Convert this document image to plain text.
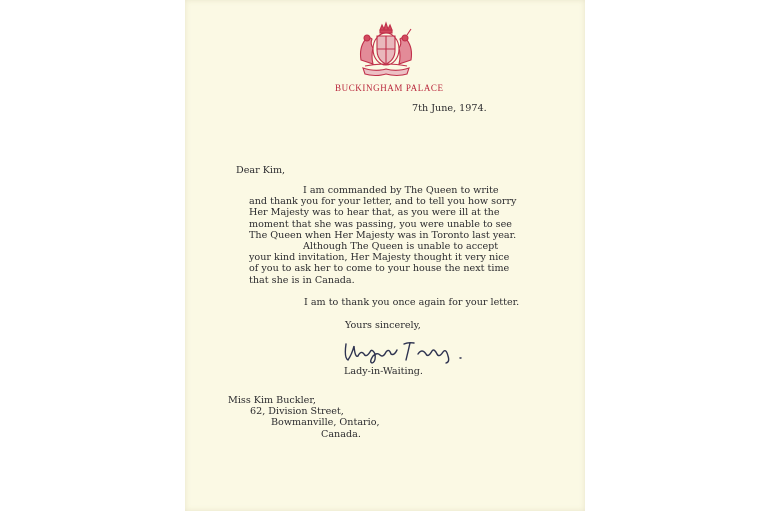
BUCKINGHAM PALACE
7th June, 1974.
Dear Kim,
I am commanded by The Queen to write and thank you for your letter, and to tell you how sorry Her Majesty was to hear that, as you were ill at the moment that she was passing, you were unable to see The Queen when Her Majesty was in Toronto last year.
Although The Queen is unable to accept your kind invitation, Her Majesty thought it very nice of you to ask her to come to your house the next time that she is in Canada.
I am to thank you once again for your letter.
Yours sincerely,
Lady-in-Waiting.
Miss Kim Buckler,
62, Division Street,
Bowmanville, Ontario,
Canada.
